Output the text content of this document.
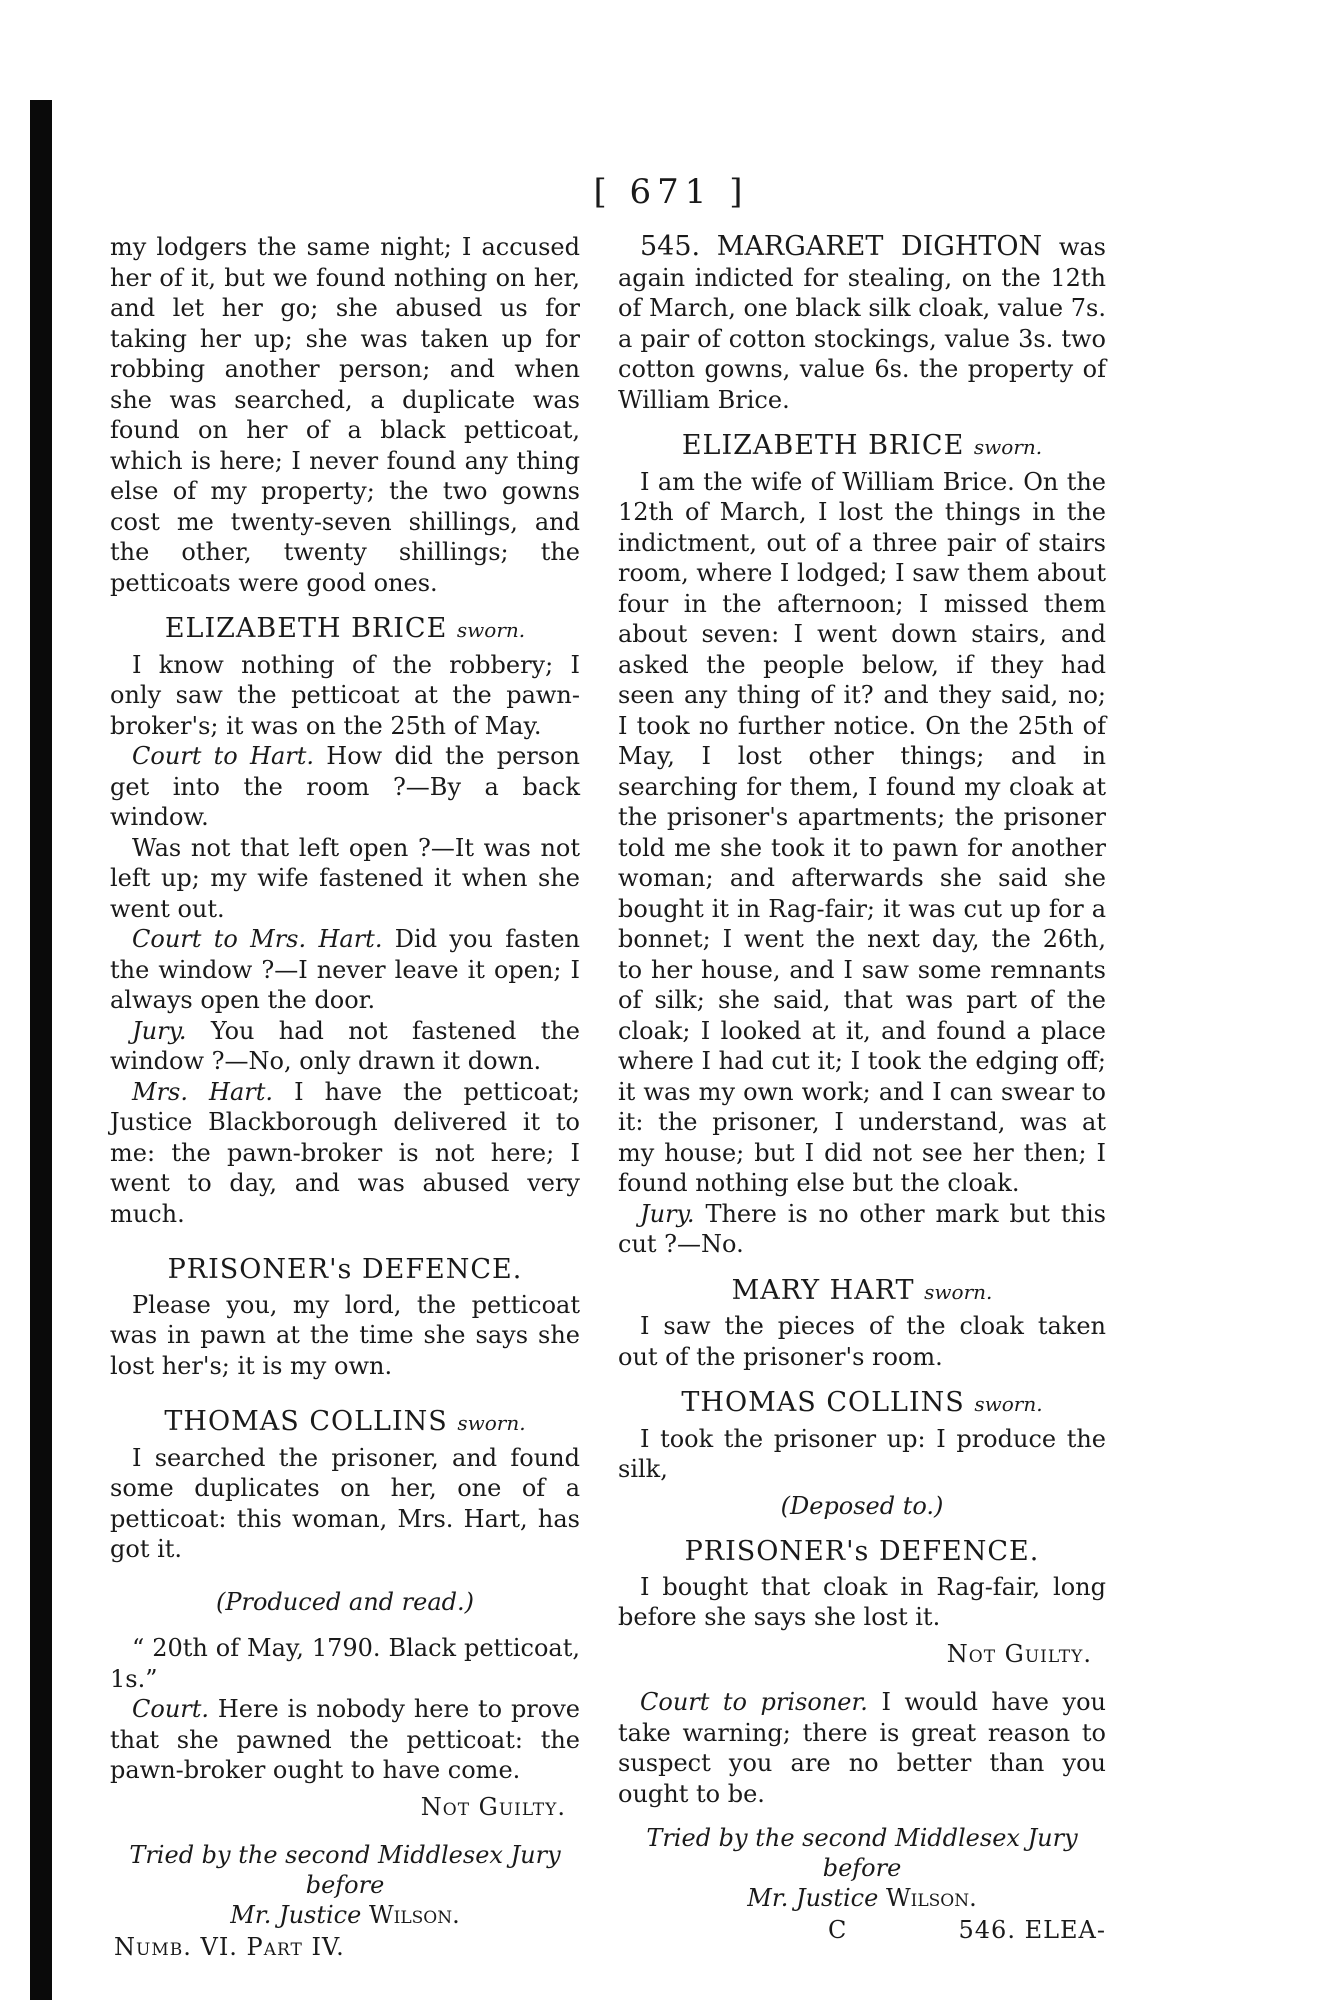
[ 671 ]

my lodgers the same night; I accused her of it, but we found nothing on her, and let her go; she abused us for taking her up; she was taken up for robbing another person; and when she was searched, a duplicate was found on her of a black petticoat, which is here; I never found any thing else of my property; the two gowns cost me twenty-seven shillings, and the other, twenty shillings; the petticoats were good ones.

ELIZABETH BRICE sworn.

I know nothing of the robbery; I only saw the petticoat at the pawn-broker's; it was on the 25th of May.

Court to Hart. How did the person get into the room ?—By a back window.

Was not that left open ?—It was not left up; my wife fastened it when she went out.

Court to Mrs. Hart. Did you fasten the window ?—I never leave it open; I always open the door.

Jury. You had not fastened the window ?—No, only drawn it down.

Mrs. Hart. I have the petticoat; Justice Blackborough delivered it to me: the pawn-broker is not here; I went to day, and was abused very much.

PRISONER's DEFENCE.

Please you, my lord, the petticoat was in pawn at the time she says she lost her's; it is my own.

THOMAS COLLINS sworn.

I searched the prisoner, and found some duplicates on her, one of a petticoat: this woman, Mrs. Hart, has got it.

(Produced and read.)

“ 20th of May, 1790. Black petticoat, 1s.”

Court. Here is nobody here to prove that she pawned the petticoat: the pawn-broker ought to have come.

Not Guilty.
Tried by the second Middlesex Jury before
Mr. Justice Wilson.
Numb. VI. Part IV.

545. MARGARET DIGHTON was again indicted for stealing, on the 12th of March, one black silk cloak, value 7s. a pair of cotton stockings, value 3s. two cotton gowns, value 6s. the property of William Brice.

ELIZABETH BRICE sworn.

I am the wife of William Brice. On the 12th of March, I lost the things in the indictment, out of a three pair of stairs room, where I lodged; I saw them about four in the afternoon; I missed them about seven: I went down stairs, and asked the people below, if they had seen any thing of it? and they said, no; I took no further notice. On the 25th of May, I lost other things; and in searching for them, I found my cloak at the prisoner's apartments; the prisoner told me she took it to pawn for another woman; and afterwards she said she bought it in Rag-fair; it was cut up for a bonnet; I went the next day, the 26th, to her house, and I saw some remnants of silk; she said, that was part of the cloak; I looked at it, and found a place where I had cut it; I took the edging off; it was my own work; and I can swear to it: the prisoner, I understand, was at my house; but I did not see her then; I found nothing else but the cloak.

Jury. There is no other mark but this cut ?—No.

MARY HART sworn.

I saw the pieces of the cloak taken out of the prisoner's room.

THOMAS COLLINS sworn.

I took the prisoner up: I produce the silk,

(Deposed to.)
PRISONER's DEFENCE.

I bought that cloak in Rag-fair, long before she says she lost it.

Not Guilty.

Court to prisoner. I would have you take warning; there is great reason to suspect you are no better than you ought to be.

Tried by the second Middlesex Jury before
Mr. Justice Wilson.
C	546. ELEA-
